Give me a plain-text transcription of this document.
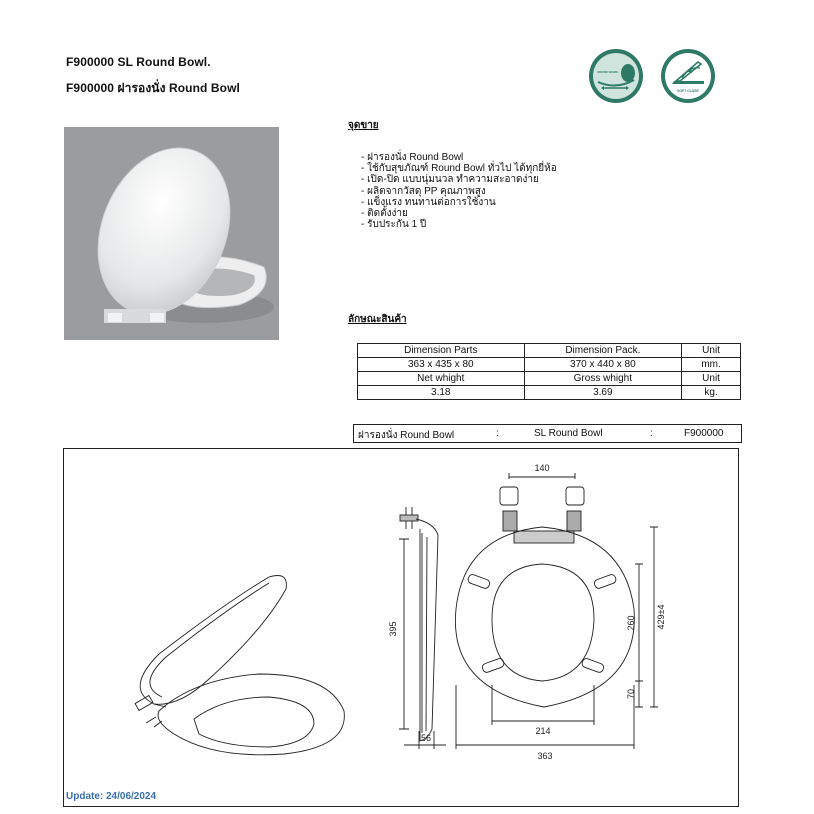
F900000 SL Round Bowl.
F900000 ฝารองนั่ง Round Bowl
ROUND BOWL
SOFT CLOSE
จุดขาย
- ฝารองนั่ง Round Bowl
- ใช้กับสุขภัณฑ์ Round Bowl ทั่วไป ได้ทุกยี่ห้อ
- เปิด-ปิด แบบนุ่มนวล ทำความสะอาดง่าย
- ผลิตจากวัสดุ PP คุณภาพสูง
- แข็งแรง ทนทานต่อการใช้งาน
- ติดตั้งง่าย
- รับประกัน 1 ปี
ลักษณะสินค้า
Dimension Parts	Dimension Pack.	Unit
363 x 435 x 80	370 x 440 x 80	mm.
Net whight	Gross whight	Unit
3.18	3.69	kg.
ฝารองนั่ง Round Bowl	:	SL Round Bowl	:	F900000
140
395
56
260 429±4
70
214
363
Update: 24/06/2024
